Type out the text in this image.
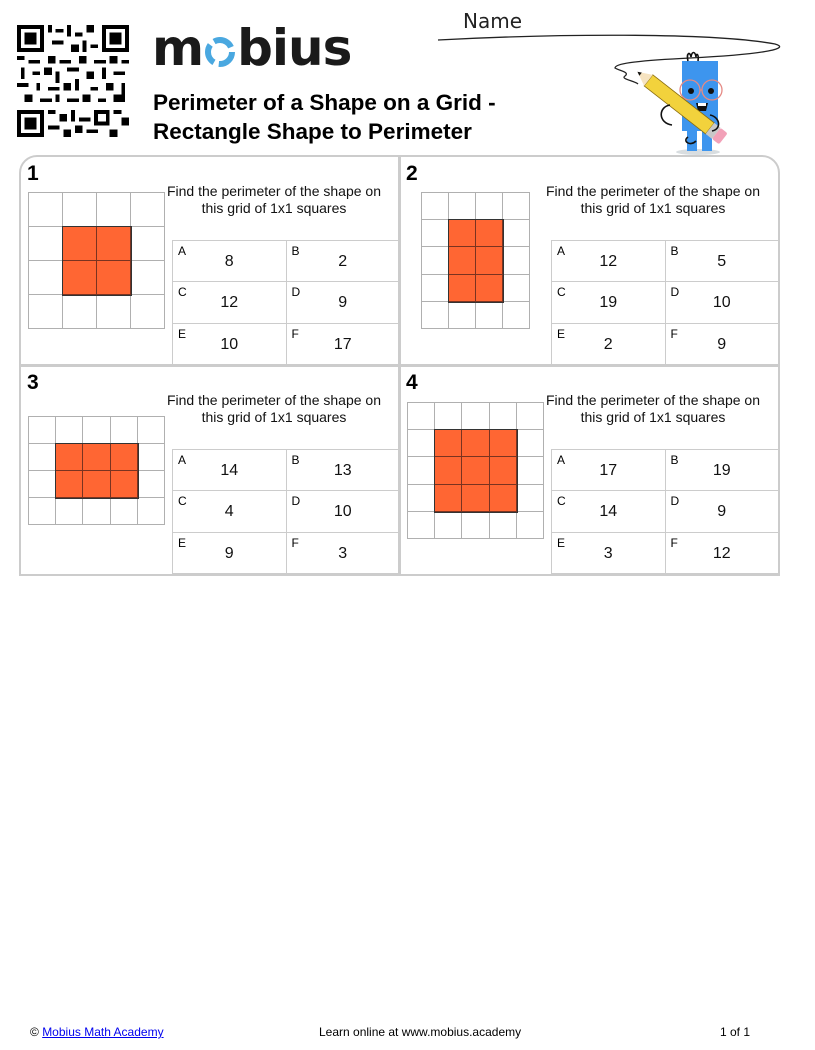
m bius
Perimeter of a Shape on a Grid -
Rectangle Shape to Perimeter
Name
1
Find the perimeter of the shape on this grid of 1x1 squares
A
8
B
2
C
12
D
9
E
10
F
17
2
Find the perimeter of the shape on this grid of 1x1 squares
A
12
B
5
C
19
D
10
E
2
F
9
3
Find the perimeter of the shape on this grid of 1x1 squares
A
14
B
13
C
4
D
10
E
9
F
3
4
Find the perimeter of the shape on this grid of 1x1 squares
A
17
B
19
C
14
D
9
E
3
F
12
© Mobius Math Academy	Learn online at www.mobius.academy	1 of 1
